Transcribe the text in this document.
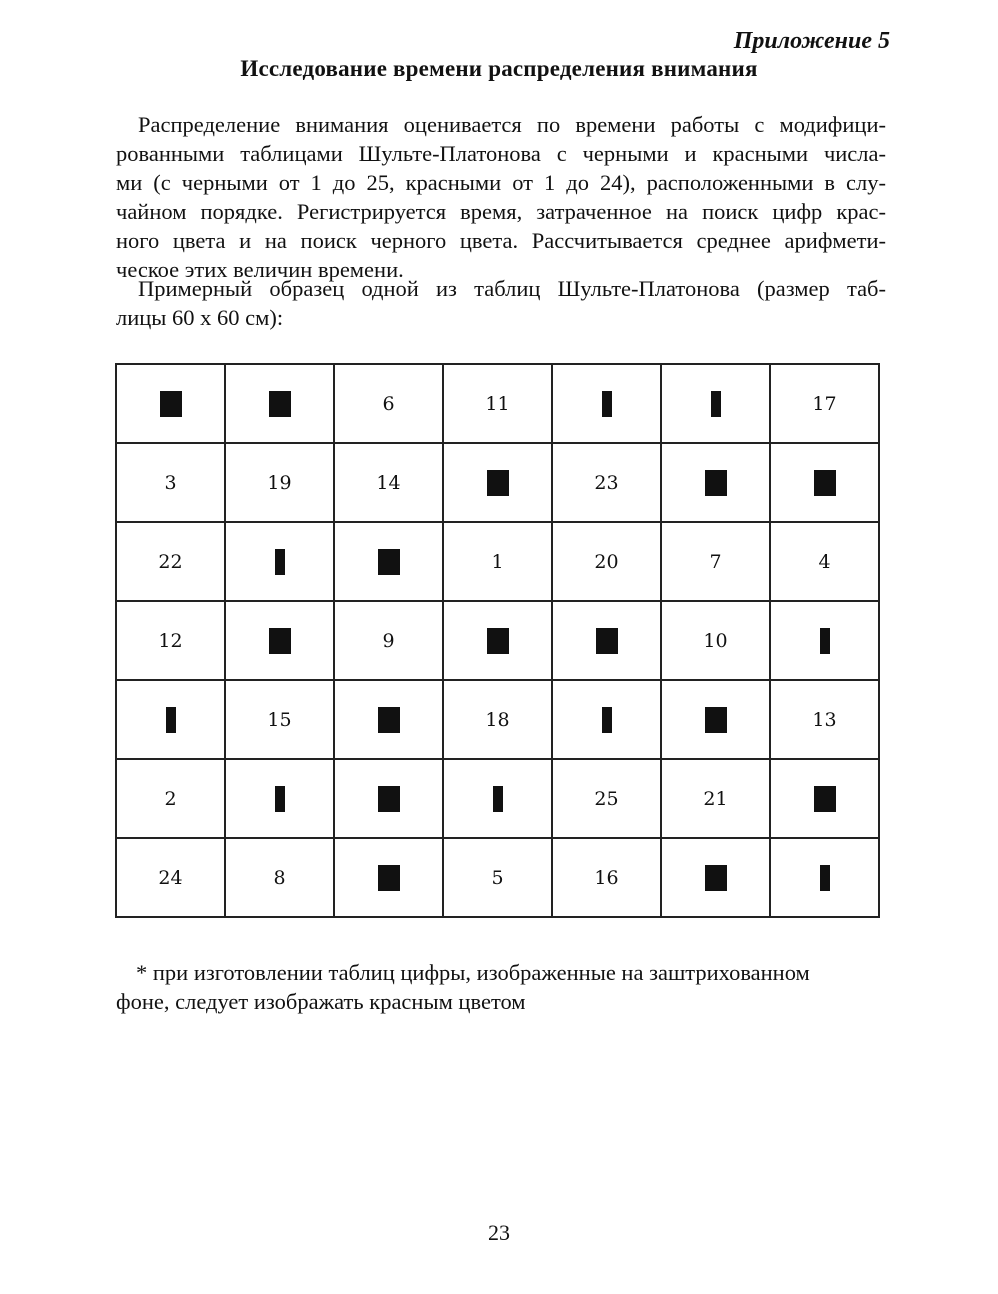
Приложение 5
Исследование времени распределения внимания
Распределение внимания оценивается по времени работы с модифици-
рованными таблицами Шульте-Платонова с черными и красными числа-
ми (с черными от 1 до 25, красными от 1 до 24), расположенными в слу-
чайном порядке. Регистрируется время, затраченное на поиск цифр крас-
ного цвета и на поиск черного цвета. Рассчитывается среднее арифмети-
ческое этих величин времени.
Примерный образец одной из таблиц Шульте-Платонова (размер таб-
лицы 60 х 60 см):
		6	11			17
3	19	14		23		
22			1	20	7	4
12		9			10	
	15		18			13
2				25	21	
24	8		5	16		
* при изготовлении таблиц цифры, изображенные на заштрихованном
фоне, следует изображать красным цветом
23
